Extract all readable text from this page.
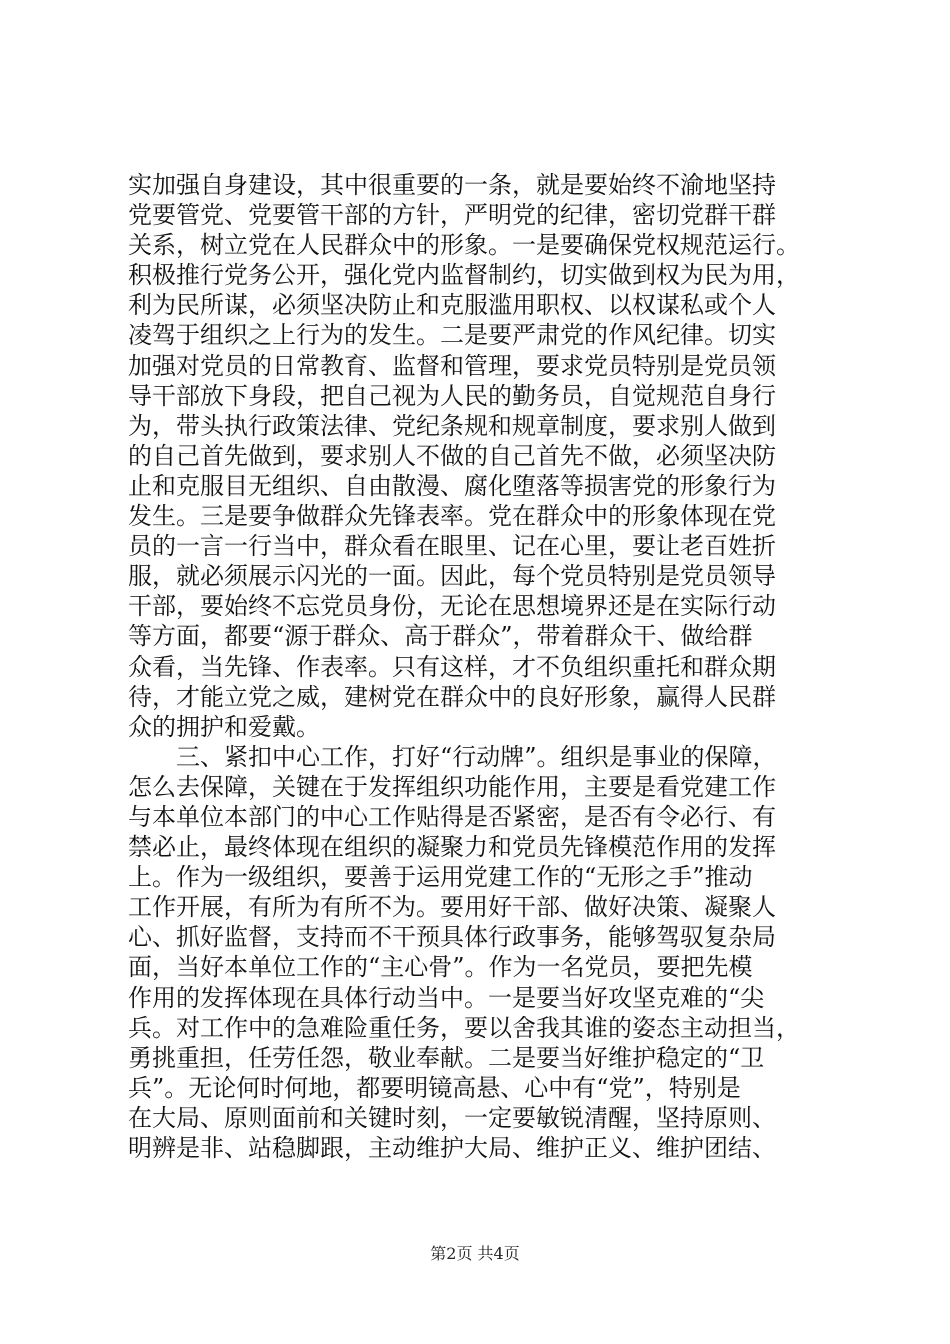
实加强自身建设，其中很重要的一条，就是要始终不渝地坚持
党要管党、党要管干部的方针，严明党的纪律，密切党群干群
关系，树立党在人民群众中的形象。一是要确保党权规范运行。
积极推行党务公开，强化党内监督制约，切实做到权为民为用，
利为民所谋，必须坚决防止和克服滥用职权、以权谋私或个人
凌驾于组织之上行为的发生。二是要严肃党的作风纪律。切实
加强对党员的日常教育、监督和管理，要求党员特别是党员领
导干部放下身段，把自己视为人民的勤务员，自觉规范自身行
为，带头执行政策法律、党纪条规和规章制度，要求别人做到
的自己首先做到，要求别人不做的自己首先不做，必须坚决防
止和克服目无组织、自由散漫、腐化堕落等损害党的形象行为
发生。三是要争做群众先锋表率。党在群众中的形象体现在党
员的一言一行当中，群众看在眼里、记在心里，要让老百姓折
服，就必须展示闪光的一面。因此，每个党员特别是党员领导
干部，要始终不忘党员身份，无论在思想境界还是在实际行动
等方面，都要“源于群众、高于群众”，带着群众干、做给群
众看，当先锋、作表率。只有这样，才不负组织重托和群众期
待，才能立党之威，建树党在群众中的良好形象，赢得人民群
众的拥护和爱戴。
　　三、紧扣中心工作，打好“行动牌”。组织是事业的保障，
怎么去保障，关键在于发挥组织功能作用，主要是看党建工作
与本单位本部门的中心工作贴得是否紧密，是否有令必行、有
禁必止，最终体现在组织的凝聚力和党员先锋模范作用的发挥
上。作为一级组织，要善于运用党建工作的“无形之手”推动
工作开展，有所为有所不为。要用好干部、做好决策、凝聚人
心、抓好监督，支持而不干预具体行政事务，能够驾驭复杂局
面，当好本单位工作的“主心骨”。作为一名党员，要把先模
作用的发挥体现在具体行动当中。一是要当好攻坚克难的“尖
兵。对工作中的急难险重任务，要以舍我其谁的姿态主动担当，
勇挑重担，任劳任怨，敬业奉献。二是要当好维护稳定的“卫
兵”。无论何时何地，都要明镜高悬、心中有“党”，特别是
在大局、原则面前和关键时刻，一定要敏锐清醒，坚持原则、
明辨是非、站稳脚跟，主动维护大局、维护正义、维护团结、
第2页 共4页
